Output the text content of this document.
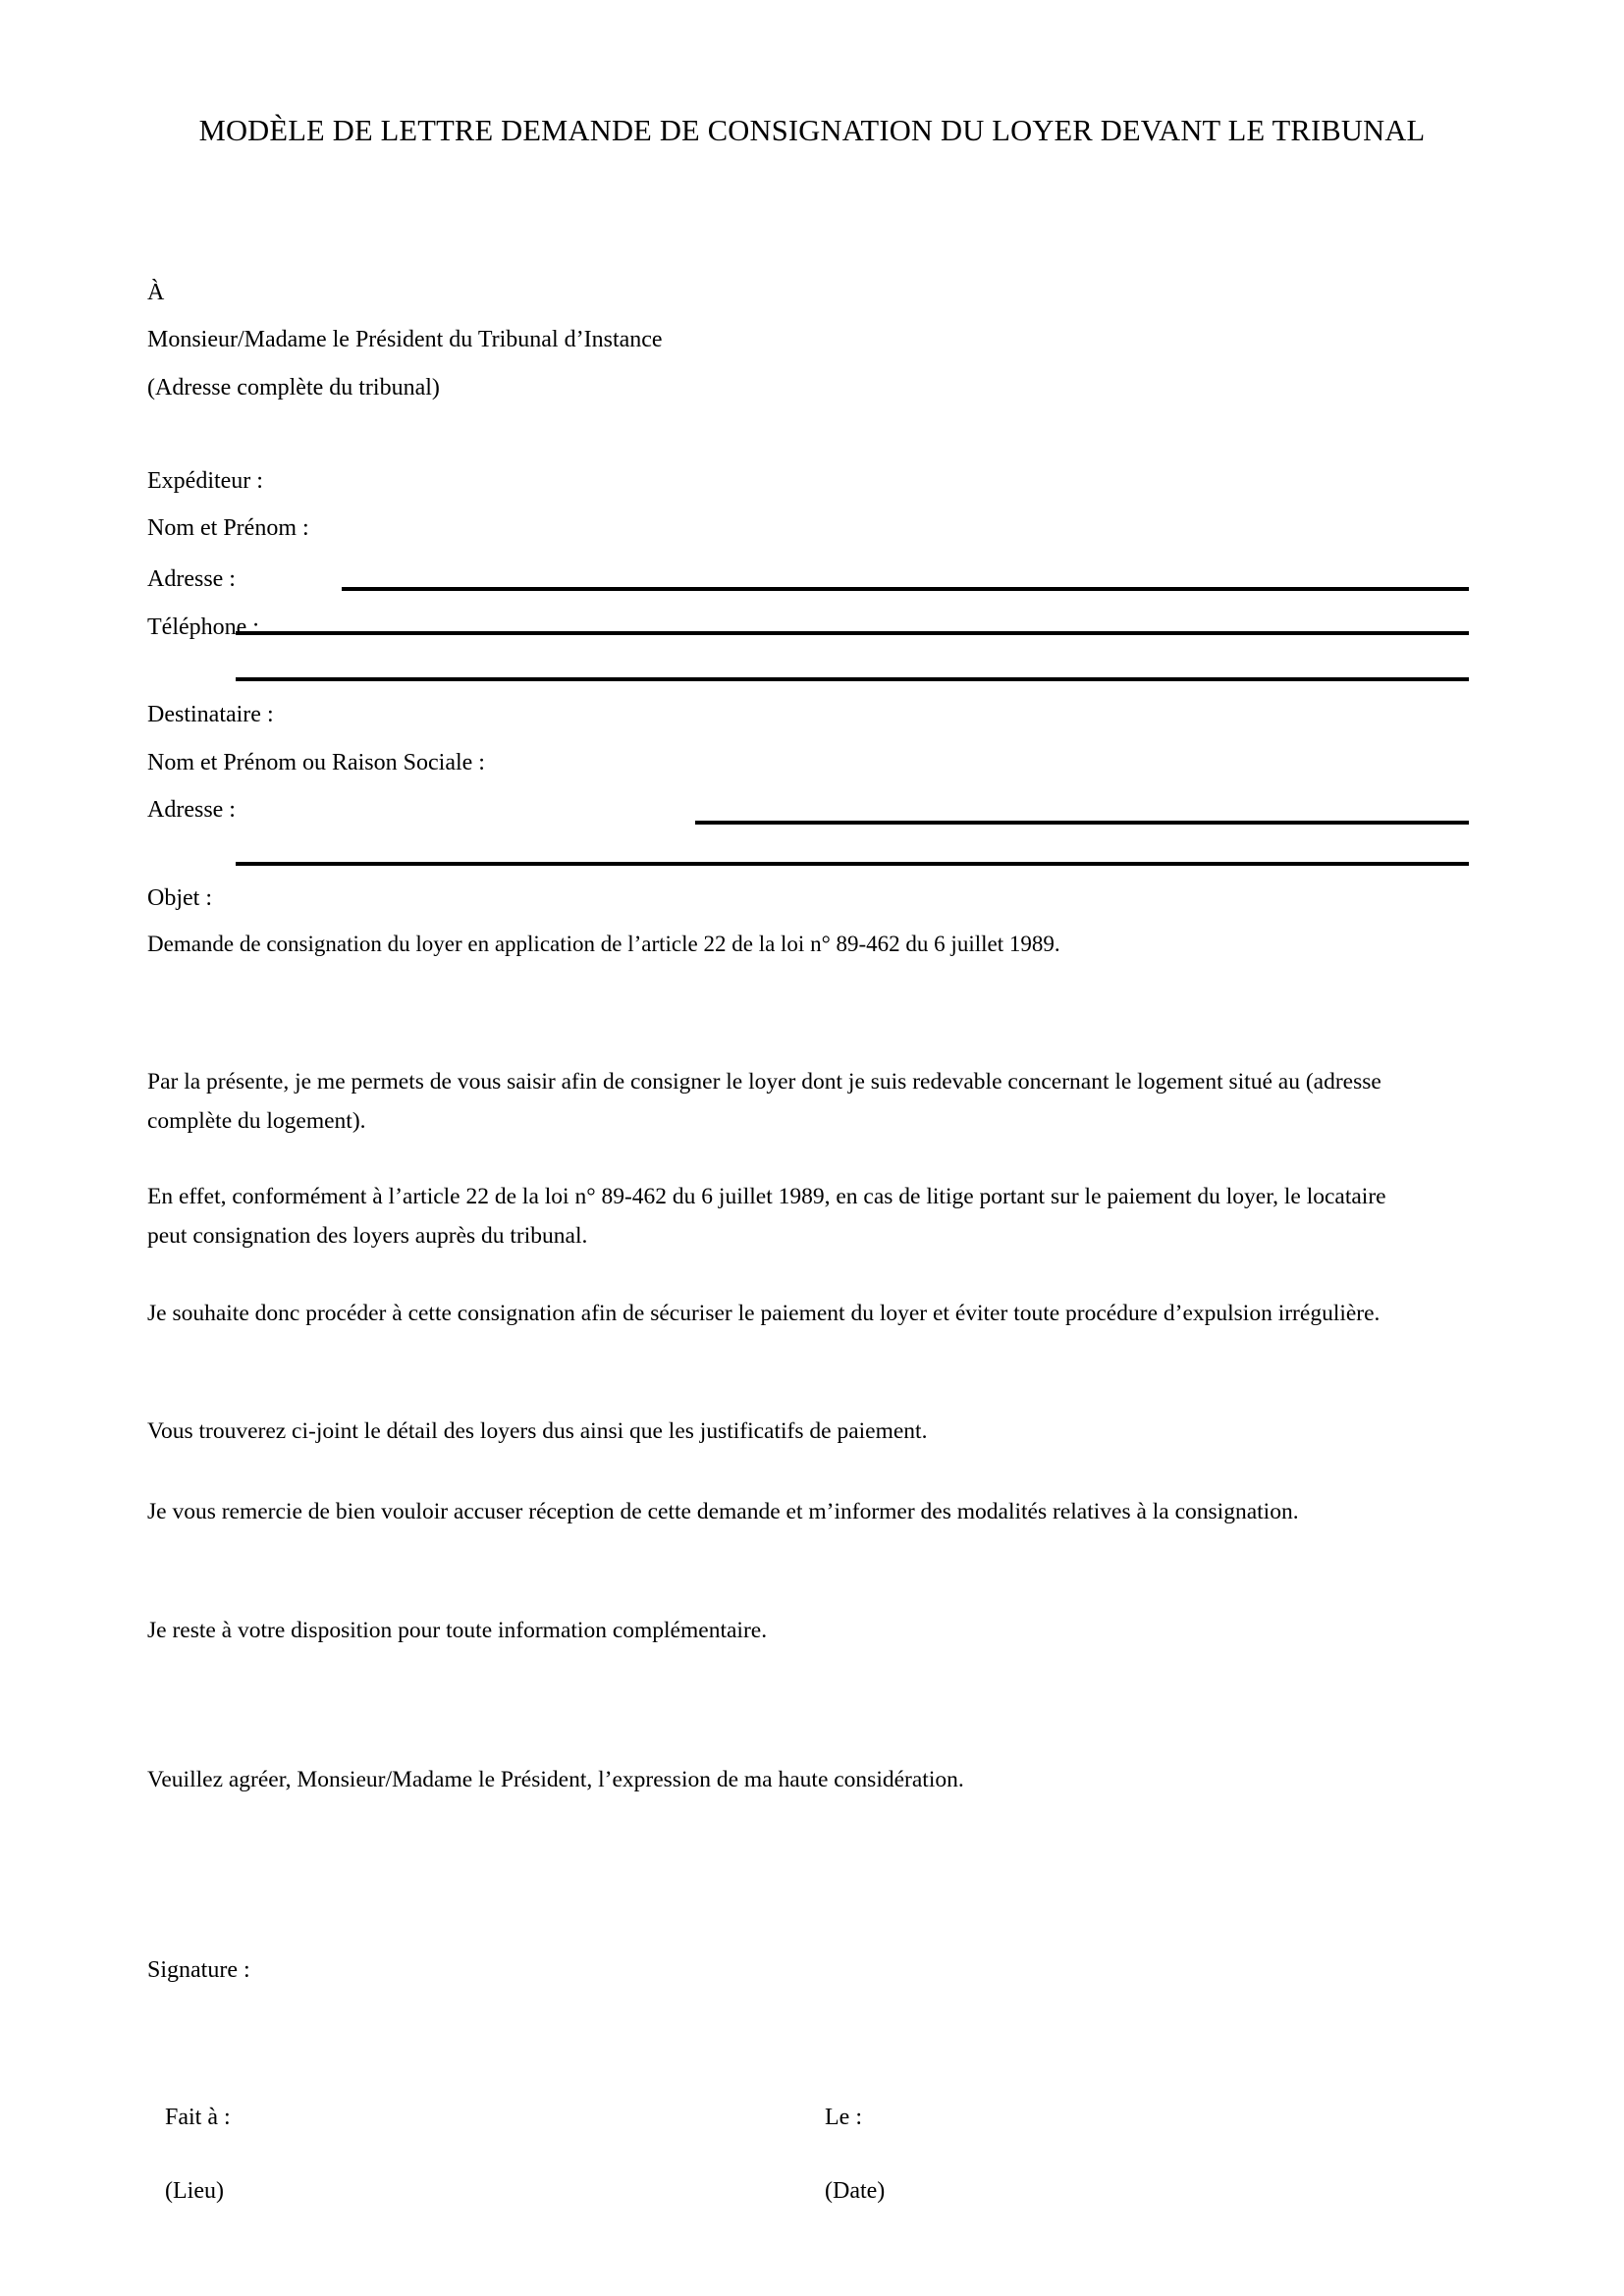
MODÈLE DE LETTRE DEMANDE DE CONSIGNATION DU LOYER DEVANT LE TRIBUNAL
À
Monsieur/Madame le Président du Tribunal d’Instance
(Adresse complète du tribunal)
Expéditeur :
Nom et Prénom :
Adresse :
Téléphone :
Destinataire :
Nom et Prénom ou Raison Sociale :
Adresse :
Objet :
Demande de consignation du loyer en application de l’article 22 de la loi n° 89-462 du 6 juillet 1989.
Par la présente, je me permets de vous saisir afin de consigner le loyer dont je suis redevable concernant le logement situé au (adresse complète du logement).
En effet, conformément à l’article 22 de la loi n° 89-462 du 6 juillet 1989, en cas de litige portant sur le paiement du loyer, le locataire peut consignation des loyers auprès du tribunal.
Je souhaite donc procéder à cette consignation afin de sécuriser le paiement du loyer et éviter toute procédure d’expulsion irrégulière.
Vous trouverez ci-joint le détail des loyers dus ainsi que les justificatifs de paiement.
Je vous remercie de bien vouloir accuser réception de cette demande et m’informer des modalités relatives à la consignation.
Je reste à votre disposition pour toute information complémentaire.
Veuillez agréer, Monsieur/Madame le Président, l’expression de ma haute considération.
Signature :
Fait à :
(Lieu)
Le :
(Date)
